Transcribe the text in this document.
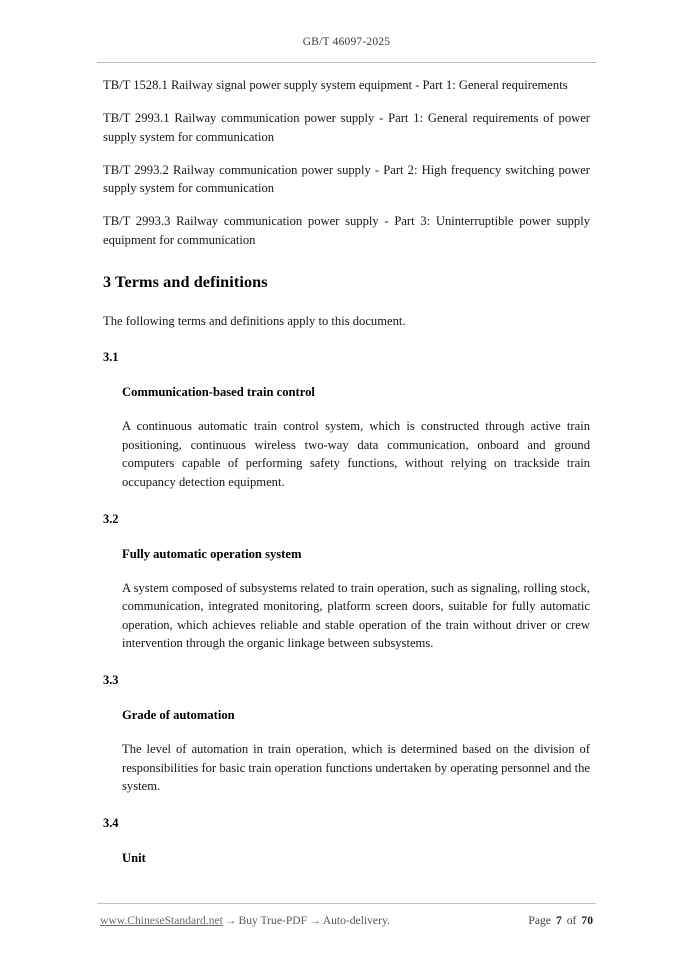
GB/T 46097-2025

TB/T 1528.1 Railway signal power supply system equipment - Part 1: General requirements

TB/T 2993.1 Railway communication power supply - Part 1: General requirements of power supply system for communication

TB/T 2993.2 Railway communication power supply - Part 2: High frequency switching power supply system for communication

TB/T 2993.3 Railway communication power supply - Part 3: Uninterruptible power supply equipment for communication

3 Terms and definitions

The following terms and definitions apply to this document.

3.1

Communication-based train control

A continuous automatic train control system, which is constructed through active train positioning, continuous wireless two-way data communication, onboard and ground computers capable of performing safety functions, without relying on trackside train occupancy detection equipment.

3.2

Fully automatic operation system

A system composed of subsystems related to train operation, such as signaling, rolling stock, communication, integrated monitoring, platform screen doors, suitable for fully automatic operation, which achieves reliable and stable operation of the train without driver or crew intervention through the organic linkage between subsystems.

3.3

Grade of automation

The level of automation in train operation, which is determined based on the division of responsibilities for basic train operation functions undertaken by operating personnel and the system.

3.4

Unit

www.ChineseStandard.net → Buy True-PDF → Auto-delivery.	Page 7 of 70
